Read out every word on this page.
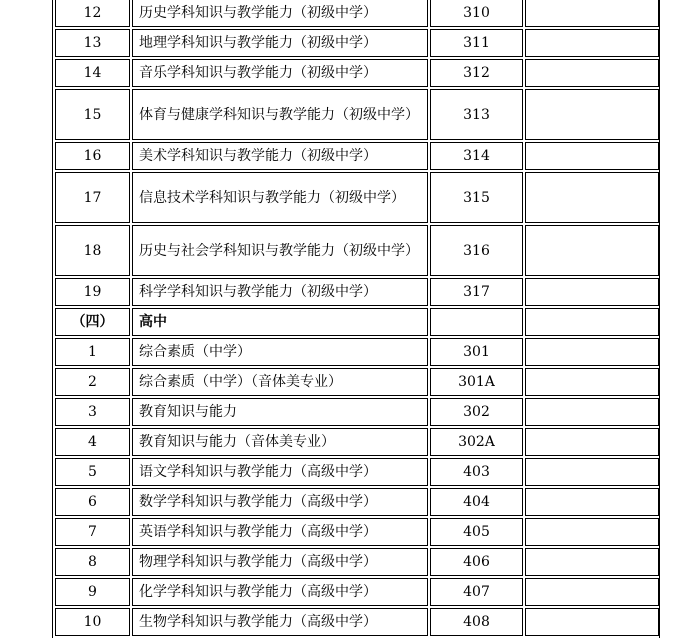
12	历史学科知识与教学能力（初级中学）	310	
13	地理学科知识与教学能力（初级中学）	311	
14	音乐学科知识与教学能力（初级中学）	312	
15	体育与健康学科知识与教学能力（初级中学）	313	
16	美术学科知识与教学能力（初级中学）	314	
17	信息技术学科知识与教学能力（初级中学）	315	
18	历史与社会学科知识与教学能力（初级中学）	316	
19	科学学科知识与教学能力（初级中学）	317	
（四）	高中		
1	综合素质（中学）	301	
2	综合素质（中学）（音体美专业）	301A	
3	教育知识与能力	302	
4	教育知识与能力（音体美专业）	302A	
5	语文学科知识与教学能力（高级中学）	403	
6	数学学科知识与教学能力（高级中学）	404	
7	英语学科知识与教学能力（高级中学）	405	
8	物理学科知识与教学能力（高级中学）	406	
9	化学学科知识与教学能力（高级中学）	407	
10	生物学科知识与教学能力（高级中学）	408	
